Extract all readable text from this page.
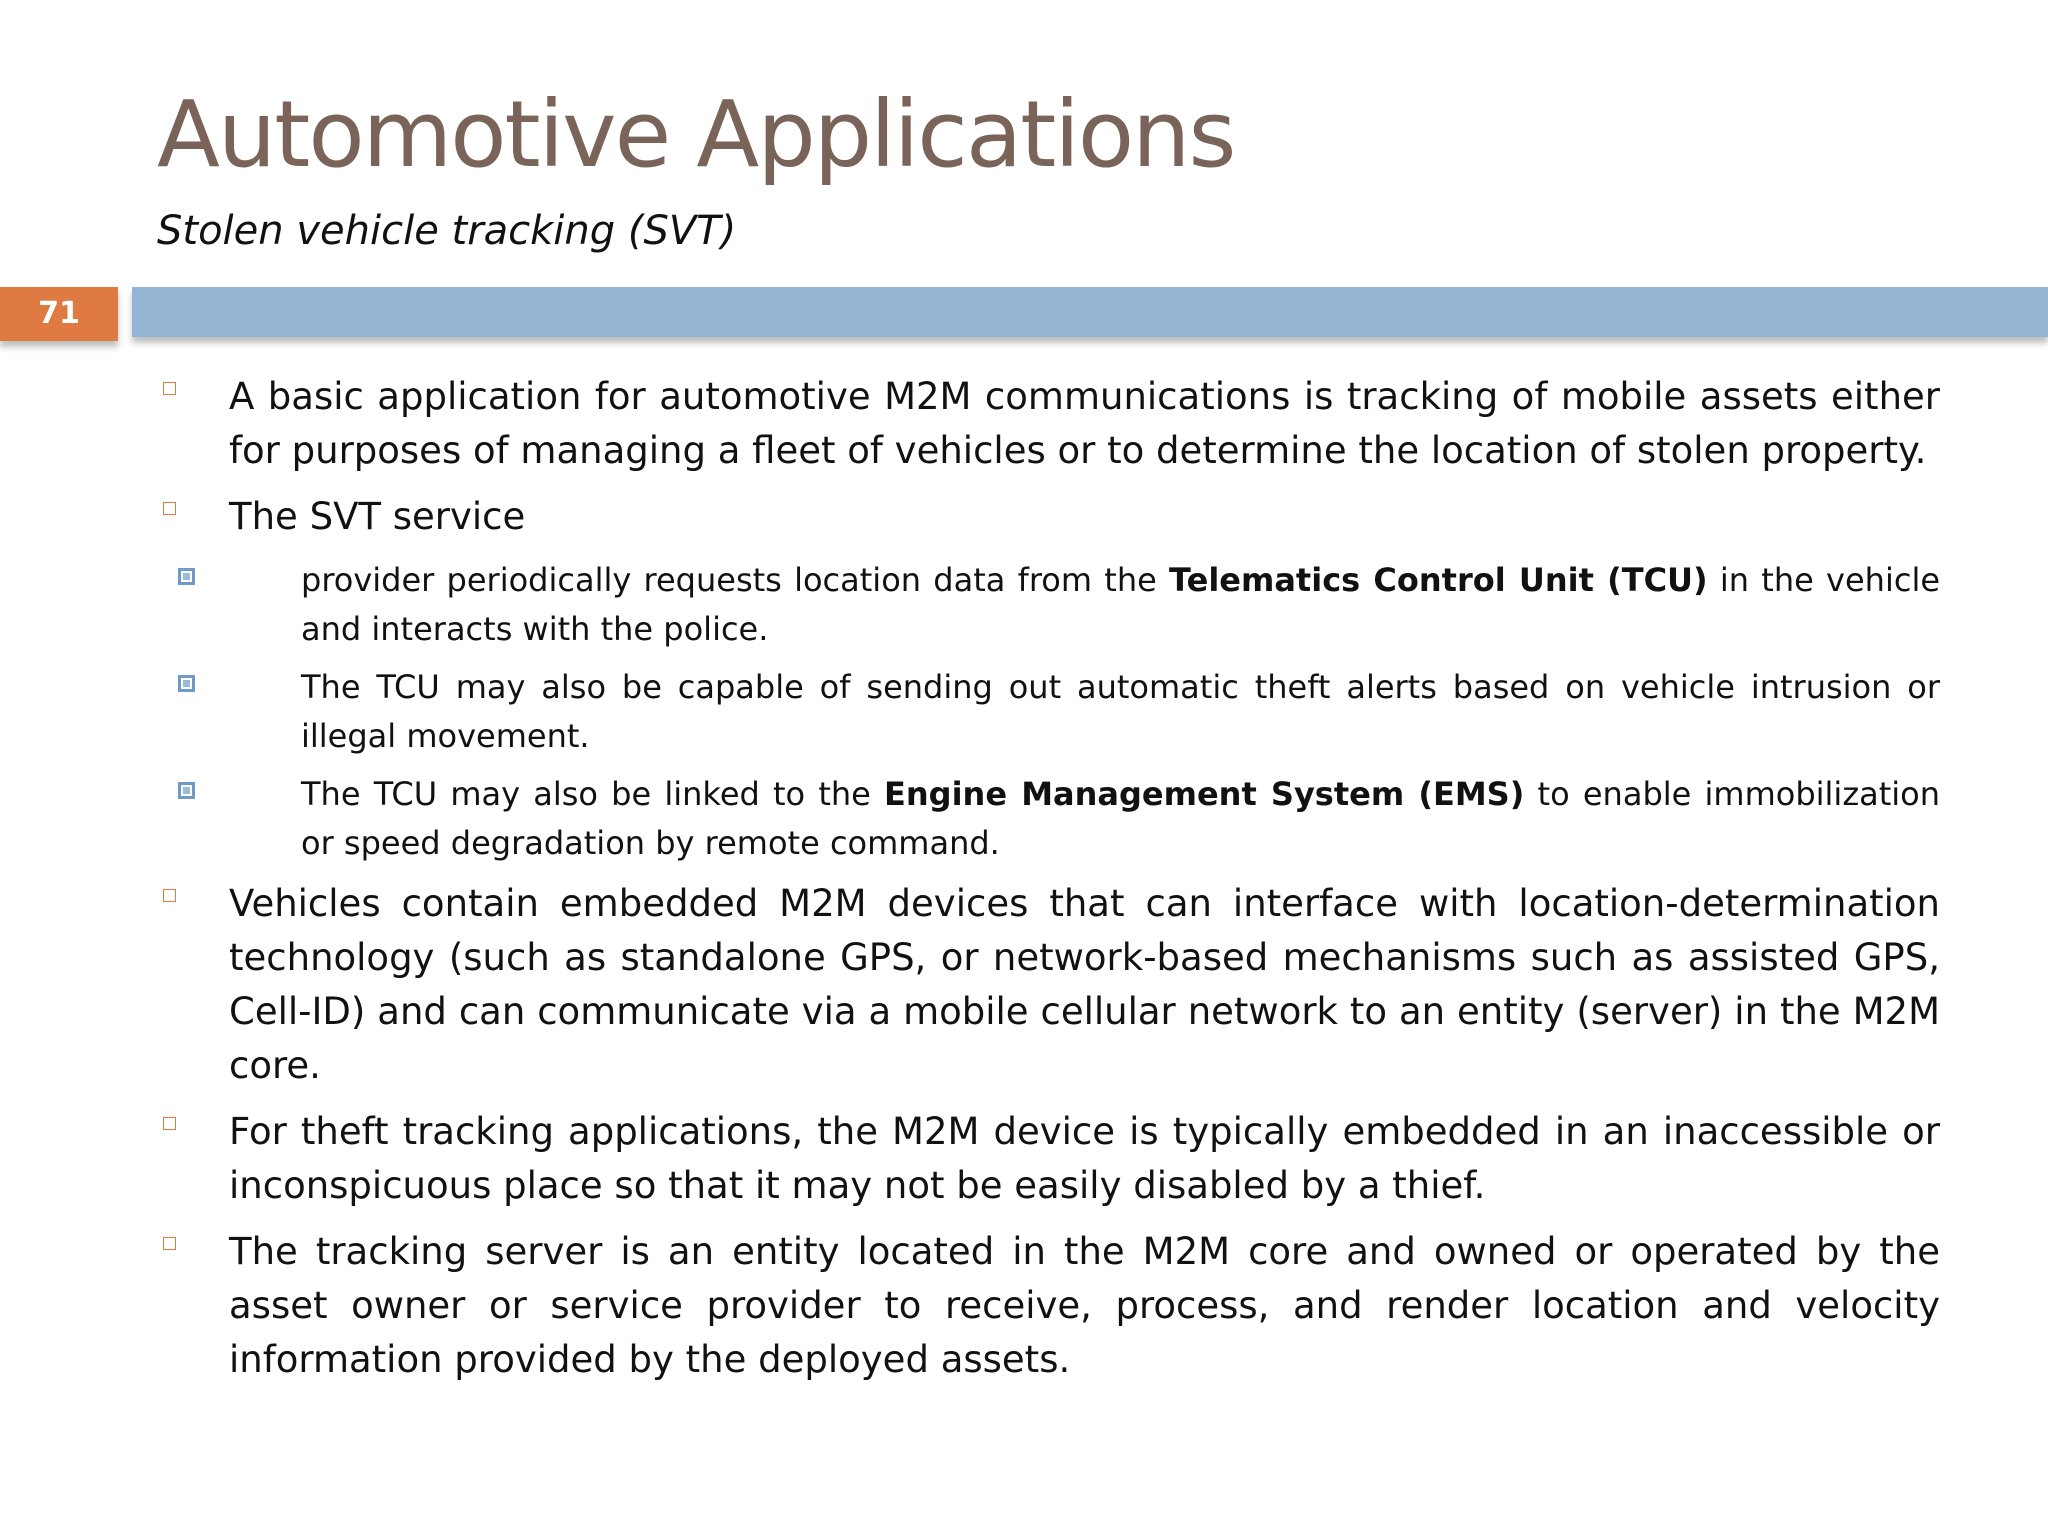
Automotive Applications
Stolen vehicle tracking (SVT)
71
A basic application for automotive M2M communications is tracking of mobile assets either for purposes of managing a fleet of vehicles or to determine the location of stolen property.
The SVT service
provider periodically requests location data from the Telematics Control Unit (TCU) in the vehicle and interacts with the police.
The TCU may also be capable of sending out automatic theft alerts based on vehicle intrusion or illegal movement.
The TCU may also be linked to the Engine Management System (EMS) to enable immobilization or speed degradation by remote command.
Vehicles contain embedded M2M devices that can interface with location-determination technology (such as standalone GPS, or network-based mechanisms such as assisted GPS, Cell-ID) and can communicate via a mobile cellular network to an entity (server) in the M2M core.
For theft tracking applications, the M2M device is typically embedded in an inaccessible or inconspicuous place so that it may not be easily disabled by a thief.
The tracking server is an entity located in the M2M core and owned or operated by the asset owner or service provider to receive, process, and render location and velocity information provided by the deployed assets.
